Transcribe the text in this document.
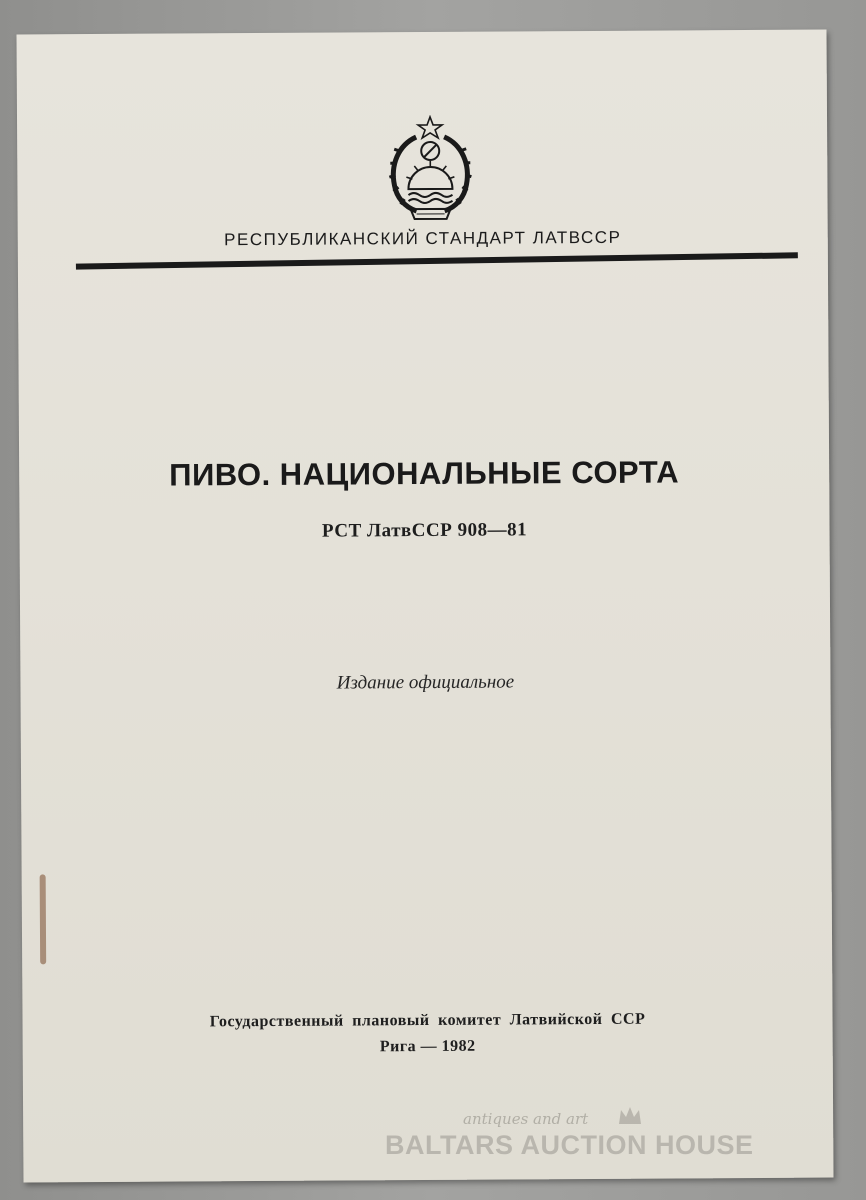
РЕСПУБЛИКАНСКИЙ СТАНДАРТ ЛАТВССР
ПИВО. НАЦИОНАЛЬНЫЕ СОРТА
РСТ ЛатвССР 908—81
Издание официальное
Государственный плановый комитет Латвийской ССР
Рига — 1982
antiques and art
BALTARS AUCTION HOUSE
